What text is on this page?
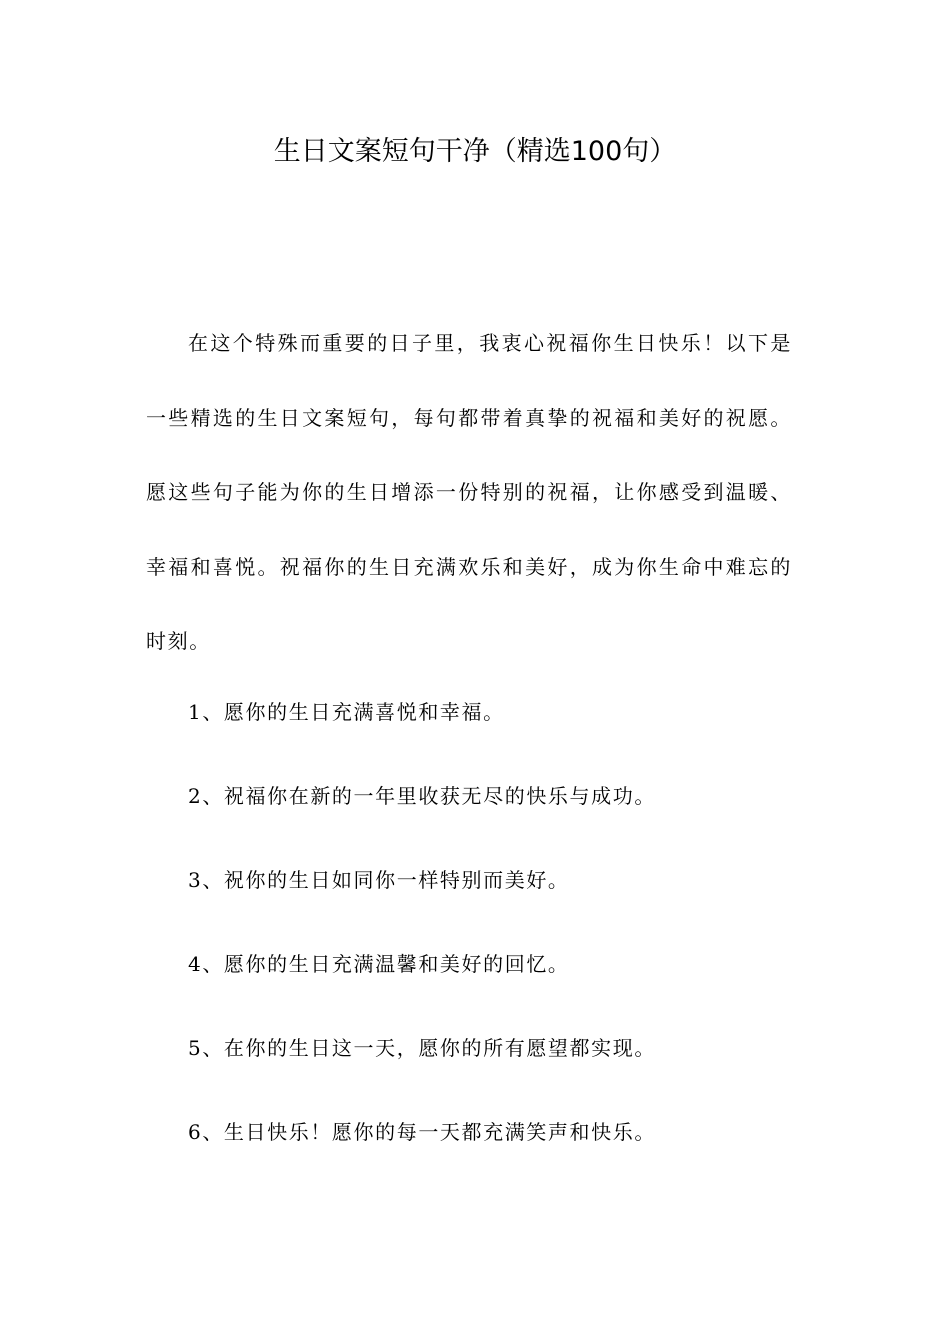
生日文案短句干净（精选100句）

在这个特殊而重要的日子里，我衷心祝福你生日快乐！以下是一些精选的生日文案短句，每句都带着真挚的祝福和美好的祝愿。愿这些句子能为你的生日增添一份特别的祝福，让你感受到温暖、幸福和喜悦。祝福你的生日充满欢乐和美好，成为你生命中难忘的时刻。

1、愿你的生日充满喜悦和幸福。
2、祝福你在新的一年里收获无尽的快乐与成功。
3、祝你的生日如同你一样特别而美好。
4、愿你的生日充满温馨和美好的回忆。
5、在你的生日这一天，愿你的所有愿望都实现。
6、生日快乐！愿你的每一天都充满笑声和快乐。
